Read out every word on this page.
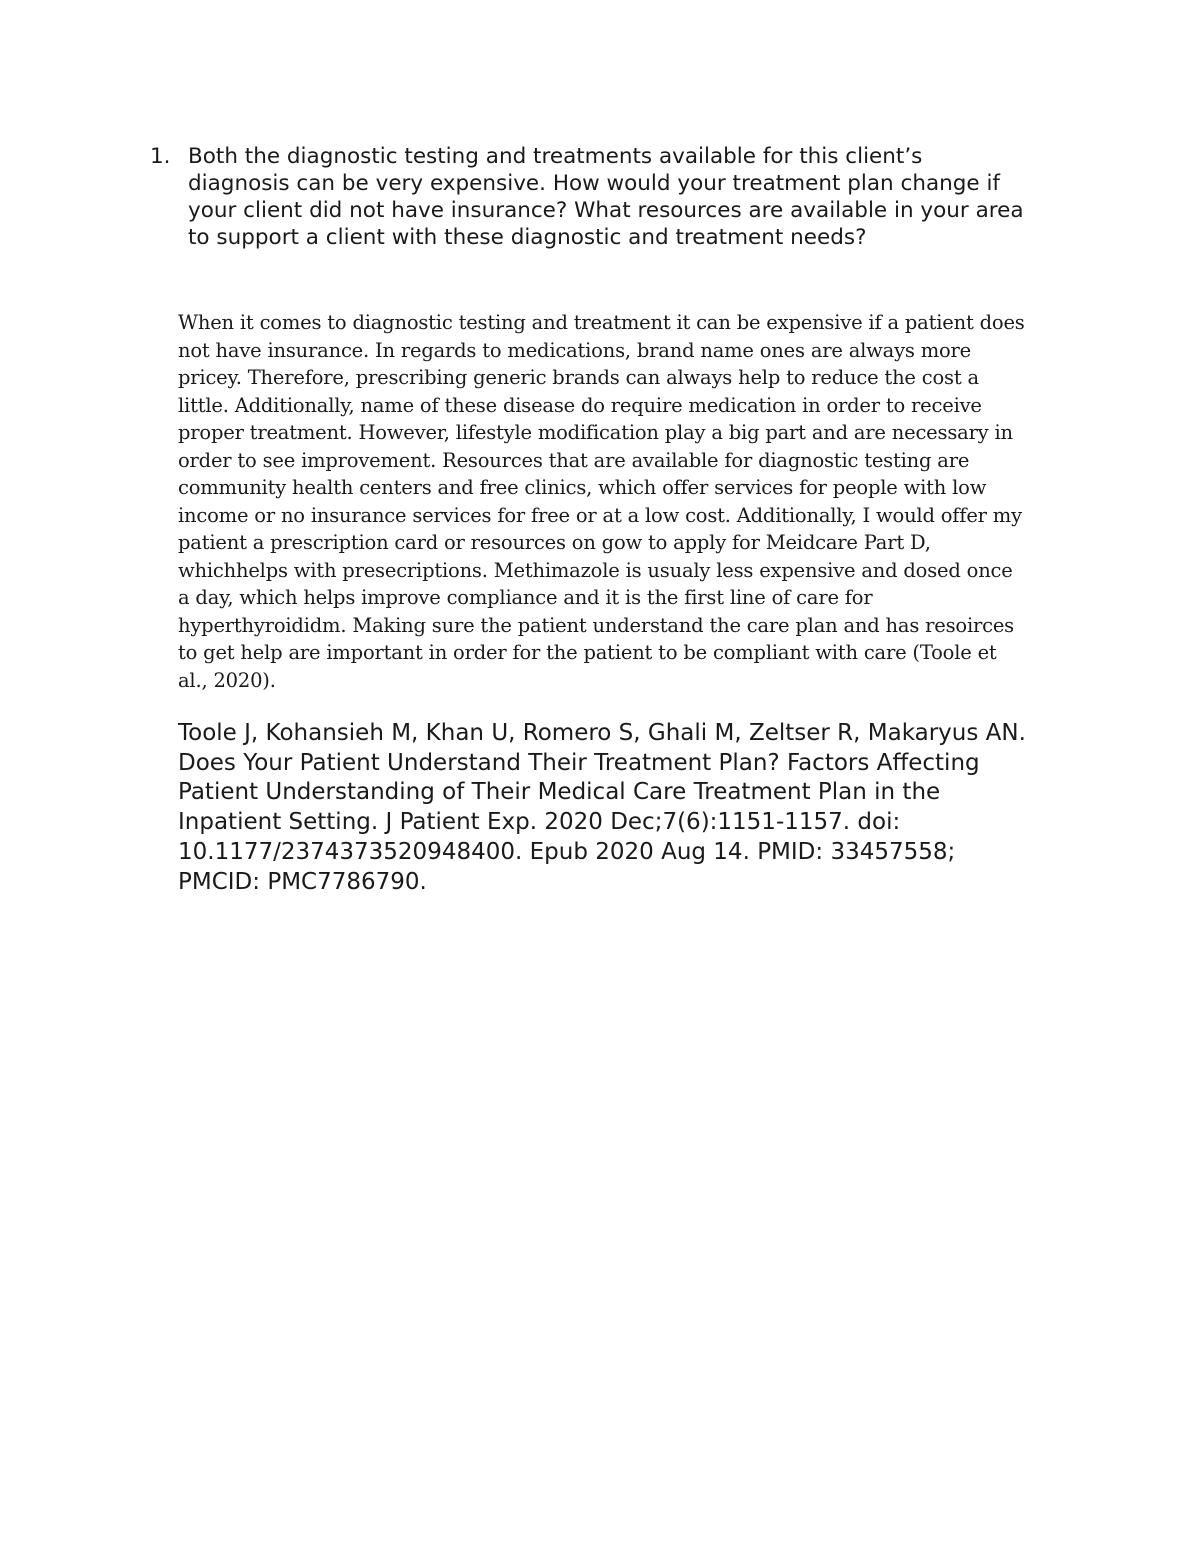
1. Both the diagnostic testing and treatments available for this client’s diagnosis can be very expensive. How would your treatment plan change if your client did not have insurance? What resources are available in your area to support a client with these diagnostic and treatment needs?

When it comes to diagnostic testing and treatment it can be expensive if a patient does not have insurance. In regards to medications, brand name ones are always more pricey. Therefore, prescribing generic brands can always help to reduce the cost a little. Additionally, name of these disease do require medication in order to receive proper treatment. However, lifestyle modification play a big part and are necessary in order to see improvement. Resources that are available for diagnostic testing are community health centers and free clinics, which offer services for people with low income or no insurance services for free or at a low cost. Additionally, I would offer my patient a prescription card or resources on gow to apply for Meidcare Part D, whichhelps with presecriptions. Methimazole is usualy less expensive and dosed once a day, which helps improve compliance and it is the first line of care for hyperthyroididm. Making sure the patient understand the care plan and has resoirces to get help are important in order for the patient to be compliant with care (Toole et al., 2020).

Toole J, Kohansieh M, Khan U, Romero S, Ghali M, Zeltser R, Makaryus AN. Does Your Patient Understand Their Treatment Plan? Factors Affecting Patient Understanding of Their Medical Care Treatment Plan in the Inpatient Setting. J Patient Exp. 2020 Dec;7(6):1151-1157. doi: 10.1177/2374373520948400. Epub 2020 Aug 14. PMID: 33457558; PMCID: PMC7786790.
